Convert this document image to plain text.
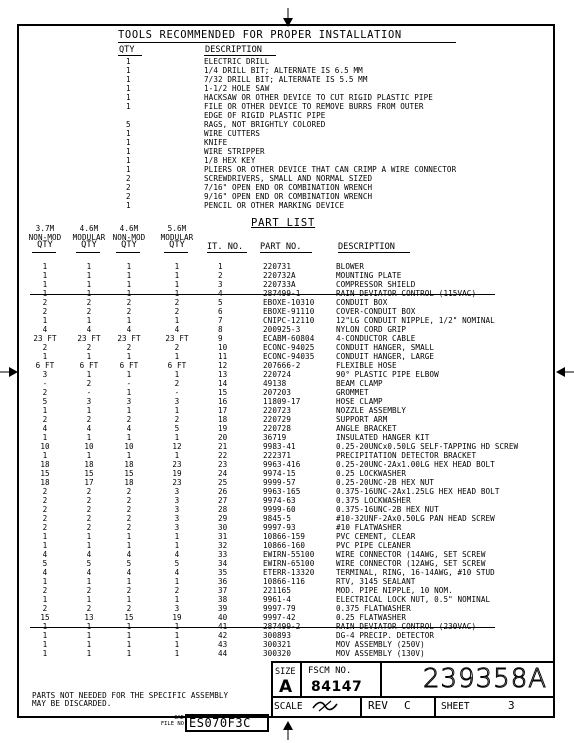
TOOLS RECOMMENDED FOR PROPER INSTALLATION
QTY	DESCRIPTION
1	ELECTRIC DRILL
1	1/4 DRILL BIT; ALTERNATE IS 6.5 MM
1	7/32 DRILL BIT; ALTERNATE IS 5.5 MM
1	1-1/2 HOLE SAW
1	HACKSAW OR OTHER DEVICE TO CUT RIGID PLASTIC PIPE
1	FILE OR OTHER DEVICE TO REMOVE BURRS FROM OUTER
EDGE OF RIGID PLASTIC PIPE
5	RAGS, NOT BRIGHTLY COLORED
1	WIRE CUTTERS
1	KNIFE
1	WIRE STRIPPER
1	1/8 HEX KEY
1	PLIERS OR OTHER DEVICE THAT CAN CRIMP A WIRE CONNECTOR
2	SCREWDRIVERS, SMALL AND NORMAL SIZED
2	7/16" OPEN END OR COMBINATION WRENCH
2	9/16" OPEN END OR COMBINATION WRENCH
1	PENCIL OR OTHER MARKING DEVICE
PART LIST
3.7M
NON-MOD
QTY
4.6M
MODULAR
QTY
4.6M
NON-MOD
QTY
5.6M
MODULAR
QTY	IT. NO. PART NO.	DESCRIPTION
1	1	1	1	1	220731	BLOWER
1	1	1	1	2	220732A	MOUNTING PLATE
1	1	1	1	3	220733A	COMPRESSOR SHIELD
1	1	1	1	4	287499-1	RAIN DEVIATOR CONTROL (115VAC)
2	2	2	2	5	EBOXE-10310	CONDUIT BOX
2	2	2	2	6	EBOXE-91110	COVER-CONDUIT BOX
1	1	1	1	7	CNIPC-12110	12"LG CONDUIT NIPPLE, 1/2" NOMINAL
4	4	4	4	8	200925-3	NYLON CORD GRIP
23 FT	23 FT	23 FT	23 FT	9	ECABM-60804	4-CONDUCTOR CABLE
2	2	2	2	10	ECONC-94025	CONDUIT HANGER, SMALL
1	1	1	1	11	ECONC-94035	CONDUIT HANGER, LARGE
6 FT	6 FT	6 FT	6 FT	12	207666-2	FLEXIBLE HOSE
3	1	1	1	13	220724	90° PLASTIC PIPE ELBOW
-	2	-	2	14	49138	BEAM CLAMP
2	-	1	-	15	207203	GROMMET
5	3	3	3	16	11809-17	HOSE CLAMP
1	1	1	1	17	220723	NOZZLE ASSEMBLY
2	2	2	2	18	220729	SUPPORT ARM
4	4	4	5	19	220728	ANGLE BRACKET
1	1	1	1	20	36719	INSULATED HANGER KIT
10	10	10	12	21	9983-41	0.25-20UNCx0.50LG SELF-TAPPING HD SCREW
1	1	1	1	22	222371	PRECIPITATION DETECTOR BRACKET
18	18	18	23	23	9963-416	0.25-20UNC-2Ax1.00LG HEX HEAD BOLT
15	15	15	19	24	9974-15	0.25 LOCKWASHER
18	17	18	23	25	9999-57	0.25-20UNC-2B HEX NUT
2	2	2	3	26	9963-165	0.375-16UNC-2Ax1.25LG HEX HEAD BOLT
2	2	2	3	27	9974-63	0.375 LOCKWASHER
2	2	2	3	28	9999-60	0.375-16UNC-2B HEX NUT
2	2	2	3	29	9845-5	#10-32UNF-2Ax0.50LG PAN HEAD SCREW
2	2	2	3	30	9997-93	#10 FLATWASHER
1	1	1	1	31	10866-159	PVC CEMENT, CLEAR
1	1	1	1	32	10866-160	PVC PIPE CLEANER
4	4	4	4	33	EWIRN-55100	WIRE CONNECTOR (14AWG, SET SCREW
5	5	5	5	34	EWIRN-65100	WIRE CONNECTOR (12AWG, SET SCREW
4	4	4	4	35	ETERR-13320	TERMINAL, RING, 16-14AWG, #10 STUD
1	1	1	1	36	10866-116	RTV, 3145 SEALANT
2	2	2	2	37	221165	MOD. PIPE NIPPLE, 10 NOM.
1	1	1	1	38	9961-4	ELECTRICAL LOCK NUT, 0.5" NOMINAL
2	2	2	3	39	9997-79	0.375 FLATWASHER
15	13	15	19	40	9997-42	0.25 FLATWASHER
1	1	1	1	41	287499-2	RAIN DEVIATOR CONTROL (230VAC)
1	1	1	1	42	300893	DG-4 PRECIP. DETECTOR
1	1	1	1	43	300321	MOV ASSEMBLY (250V)
1	1	1	1	44	300320	MOV ASSEMBLY (130V)
PARTS NOT NEEDED FOR THE SPECIFIC ASSEMBLY
MAY BE DISCARDED.
CAD
FILE NO ES070F3C
SIZE
A
FSCM NO.
84147 239358A
SCALE	REV C	SHEET	3
